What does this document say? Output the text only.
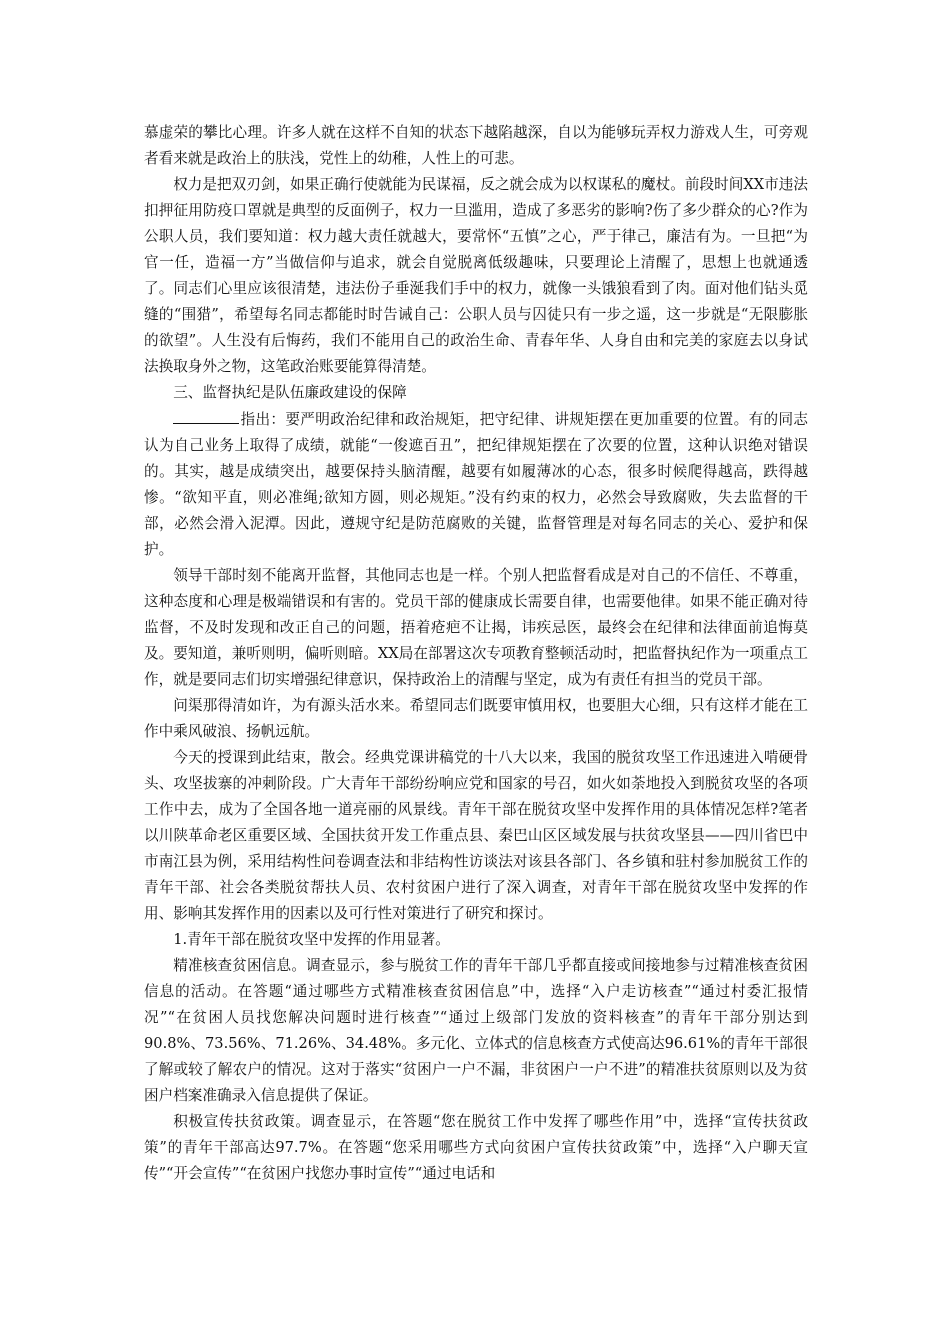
慕虚荣的攀比心理。许多人就在这样不自知的状态下越陷越深，自以为能够玩弄权力游戏人生，可旁观者看来就是政治上的肤浅，党性上的幼稚，人性上的可悲。

权力是把双刃剑，如果正确行使就能为民谋福，反之就会成为以权谋私的魔杖。前段时间XX市违法扣押征用防疫口罩就是典型的反面例子，权力一旦滥用，造成了多恶劣的影响?伤了多少群众的心?作为公职人员，我们要知道：权力越大责任就越大，要常怀“五慎”之心，严于律己，廉洁有为。一旦把“为官一任，造福一方”当做信仰与追求，就会自觉脱离低级趣味，只要理论上清醒了，思想上也就通透了。同志们心里应该很清楚，违法份子垂涎我们手中的权力，就像一头饿狼看到了肉。面对他们钻头觅缝的“围猎”，希望每名同志都能时时告诫自己：公职人员与囚徒只有一步之遥，这一步就是“无限膨胀的欲望”。人生没有后悔药，我们不能用自己的政治生命、青春年华、人身自由和完美的家庭去以身试法换取身外之物，这笔政治账要能算得清楚。

三、监督执纪是队伍廉政建设的保障

指出：要严明政治纪律和政治规矩，把守纪律、讲规矩摆在更加重要的位置。有的同志认为自己业务上取得了成绩，就能“一俊遮百丑”，把纪律规矩摆在了次要的位置，这种认识绝对错误的。其实，越是成绩突出，越要保持头脑清醒，越要有如履薄冰的心态，很多时候爬得越高，跌得越惨。“欲知平直，则必准绳;欲知方圆，则必规矩。”没有约束的权力，必然会导致腐败，失去监督的干部，必然会滑入泥潭。因此，遵规守纪是防范腐败的关键，监督管理是对每名同志的关心、爱护和保护。

领导干部时刻不能离开监督，其他同志也是一样。个别人把监督看成是对自己的不信任、不尊重，这种态度和心理是极端错误和有害的。党员干部的健康成长需要自律，也需要他律。如果不能正确对待监督，不及时发现和改正自己的问题，捂着疮疤不让揭，讳疾忌医，最终会在纪律和法律面前追悔莫及。要知道，兼听则明，偏听则暗。XX局在部署这次专项教育整顿活动时，把监督执纪作为一项重点工作，就是要同志们切实增强纪律意识，保持政治上的清醒与坚定，成为有责任有担当的党员干部。

问渠那得清如许，为有源头活水来。希望同志们既要审慎用权，也要胆大心细，只有这样才能在工作中乘风破浪、扬帆远航。

今天的授课到此结束，散会。经典党课讲稿党的十八大以来，我国的脱贫攻坚工作迅速进入啃硬骨头、攻坚拔寨的冲刺阶段。广大青年干部纷纷响应党和国家的号召，如火如荼地投入到脱贫攻坚的各项工作中去，成为了全国各地一道亮丽的风景线。青年干部在脱贫攻坚中发挥作用的具体情况怎样?笔者以川陕革命老区重要区域、全国扶贫开发工作重点县、秦巴山区区域发展与扶贫攻坚县——四川省巴中市南江县为例，采用结构性问卷调查法和非结构性访谈法对该县各部门、各乡镇和驻村参加脱贫工作的青年干部、社会各类脱贫帮扶人员、农村贫困户进行了深入调查，对青年干部在脱贫攻坚中发挥的作用、影响其发挥作用的因素以及可行性对策进行了研究和探讨。

1.青年干部在脱贫攻坚中发挥的作用显著。

精准核查贫困信息。调查显示，参与脱贫工作的青年干部几乎都直接或间接地参与过精准核查贫困信息的活动。在答题“通过哪些方式精准核查贫困信息”中，选择“入户走访核查”“通过村委汇报情况”“在贫困人员找您解决问题时进行核查”“通过上级部门发放的资料核查”的青年干部分别达到90.8%、73.56%、71.26%、34.48%。多元化、立体式的信息核查方式使高达96.61%的青年干部很了解或较了解农户的情况。这对于落实“贫困户一户不漏，非贫困户一户不进”的精准扶贫原则以及为贫困户档案准确录入信息提供了保证。

积极宣传扶贫政策。调查显示，在答题“您在脱贫工作中发挥了哪些作用”中，选择“宣传扶贫政策”的青年干部高达97.7%。在答题“您采用哪些方式向贫困户宣传扶贫政策”中，选择“入户聊天宣传”“开会宣传”“在贫困户找您办事时宣传”“通过电话和
